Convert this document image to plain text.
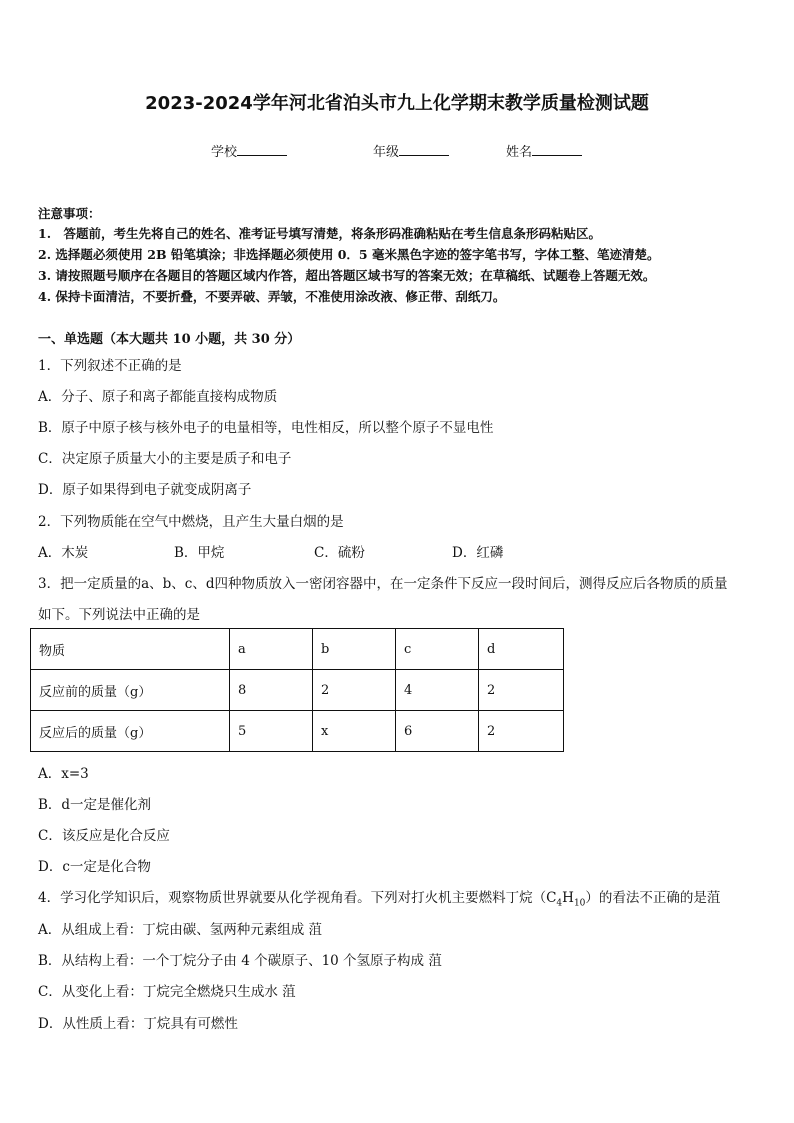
2023-2024学年河北省泊头市九上化学期末教学质量检测试题
学校	年级	姓名
注意事项：
1.　答题前，考生先将自己的姓名、准考证号填写清楚，将条形码准确粘贴在考生信息条形码粘贴区。
2. 选择题必须使用 2B 铅笔填涂；非选择题必须使用 0．5 毫米黑色字迹的签字笔书写，字体工整、笔迹清楚。
3. 请按照题号顺序在各题目的答题区域内作答，超出答题区域书写的答案无效；在草稿纸、试题卷上答题无效。
4. 保持卡面清洁，不要折叠，不要弄破、弄皱，不准使用涂改液、修正带、刮纸刀。
一、单选题（本大题共 10 小题，共 30 分）
1．下列叙述不正确的是
A．分子、原子和离子都能直接构成物质
B．原子中原子核与核外电子的电量相等，电性相反，所以整个原子不显电性
C．决定原子质量大小的主要是质子和电子
D．原子如果得到电子就变成阴离子
2．下列物质能在空气中燃烧，且产生大量白烟的是
A．木炭	B．甲烷	C．硫粉	D．红磷
3．把一定质量的a、b、c、d四种物质放入一密闭容器中，在一定条件下反应一段时间后，测得反应后各物质的质量
如下。下列说法中正确的是
物质	a	b	c	d
反应前的质量（g）	8	2	4	2
反应后的质量（g）	5	x	6	2
A．x=3
B．d一定是催化剂
C．该反应是化合反应
D．c一定是化合物
4．学习化学知识后，观察物质世界就要从化学视角看。下列对打火机主要燃料丁烷$(C_4H_{10})$的看法不正确的是菹
A．从组成上看：丁烷由碳、氢两种元素组成 菹
B．从结构上看：一个丁烷分子由 4 个碳原子、10 个氢原子构成 菹
C．从变化上看：丁烷完全燃烧只生成水 菹
D．从性质上看：丁烷具有可燃性
